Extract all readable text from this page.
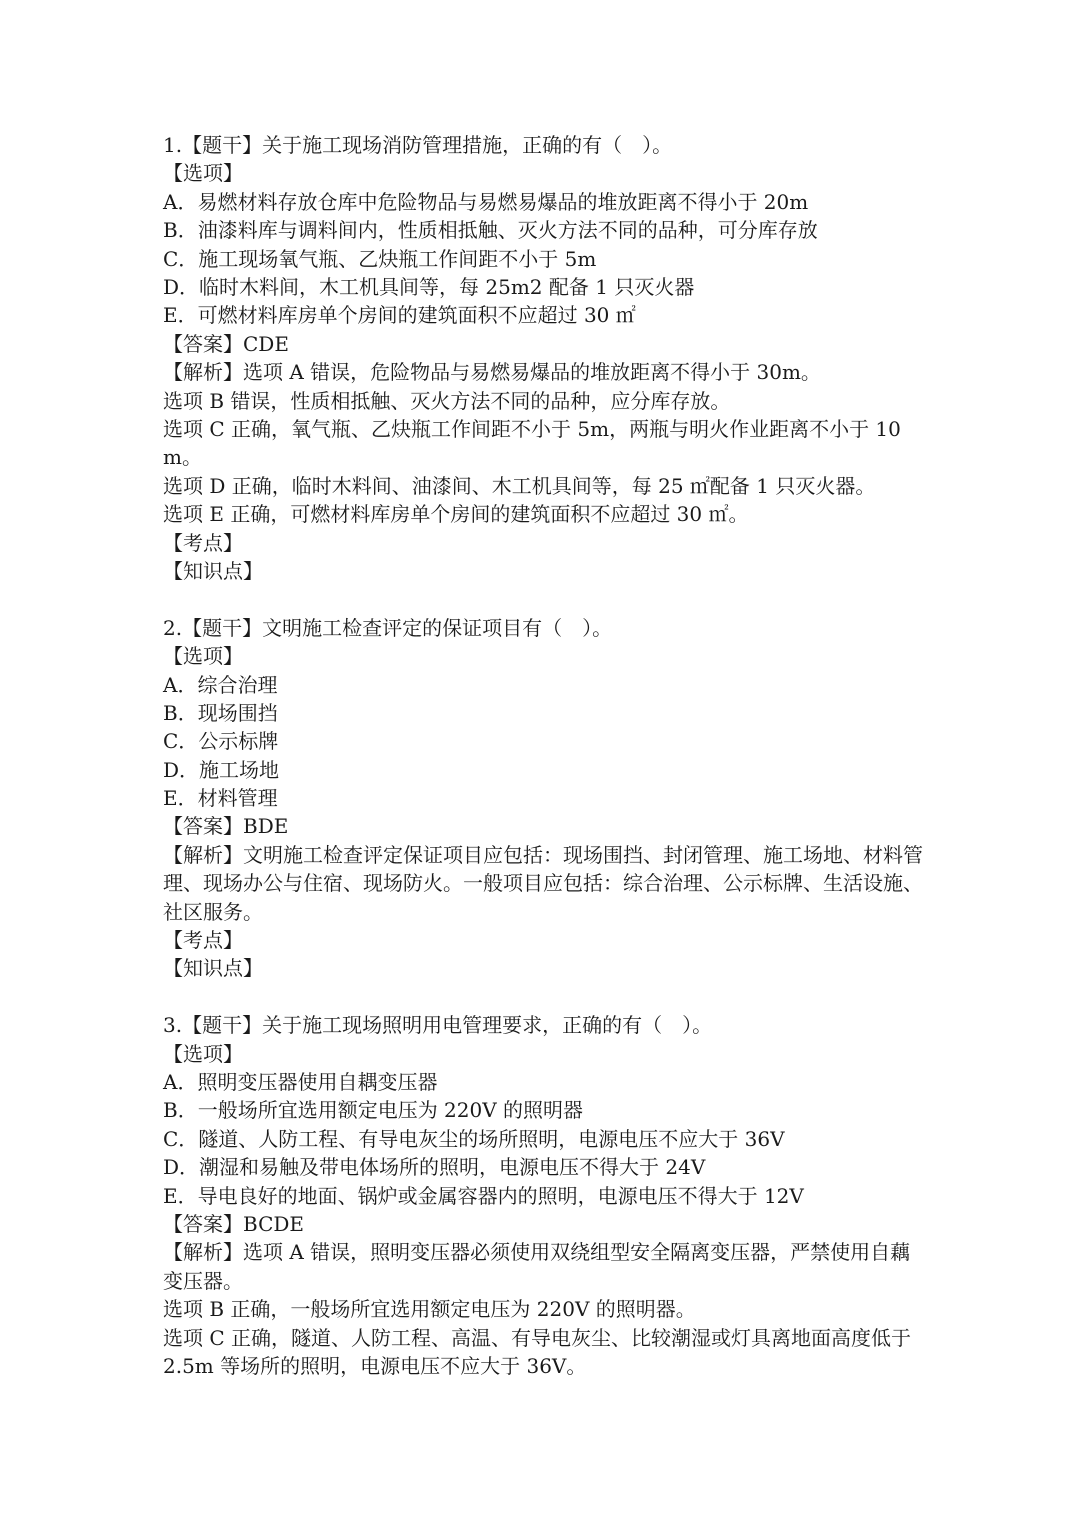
1.【题干】关于施工现场消防管理措施，正确的有（　）。
【选项】
A．易燃材料存放仓库中危险物品与易燃易爆品的堆放距离不得小于 20m
B．油漆料库与调料间内，性质相抵触、灭火方法不同的品种，可分库存放
C．施工现场氧气瓶、乙炔瓶工作间距不小于 5m
D．临时木料间，木工机具间等，每 25m2 配备 1 只灭火器
E．可燃材料库房单个房间的建筑面积不应超过 30 ㎡
【答案】CDE
【解析】选项 A 错误，危险物品与易燃易爆品的堆放距离不得小于 30m。
选项 B 错误，性质相抵触、灭火方法不同的品种，应分库存放。
选项 C 正确，氧气瓶、乙炔瓶工作间距不小于 5m，两瓶与明火作业距离不小于 10m。
选项 D 正确，临时木料间、油漆间、木工机具间等，每 25 ㎡配备 1 只灭火器。
选项 E 正确，可燃材料库房单个房间的建筑面积不应超过 30 ㎡。
【考点】
【知识点】
2.【题干】文明施工检查评定的保证项目有（　）。
【选项】
A．综合治理
B．现场围挡
C．公示标牌
D．施工场地
E．材料管理
【答案】BDE
【解析】文明施工检查评定保证项目应包括：现场围挡、封闭管理、施工场地、材料管理、现场办公与住宿、现场防火。一般项目应包括：综合治理、公示标牌、生活设施、社区服务。
【考点】
【知识点】
3.【题干】关于施工现场照明用电管理要求，正确的有（　）。
【选项】
A．照明变压器使用自耦变压器
B．一般场所宜选用额定电压为 220V 的照明器
C．隧道、人防工程、有导电灰尘的场所照明，电源电压不应大于 36V
D．潮湿和易触及带电体场所的照明，电源电压不得大于 24V
E．导电良好的地面、锅炉或金属容器内的照明，电源电压不得大于 12V
【答案】BCDE
【解析】选项 A 错误，照明变压器必须使用双绕组型安全隔离变压器，严禁使用自藕变压器。
选项 B 正确，一般场所宜选用额定电压为 220V 的照明器。
选项 C 正确，隧道、人防工程、高温、有导电灰尘、比较潮湿或灯具离地面高度低于 2.5m 等场所的照明，电源电压不应大于 36V。
